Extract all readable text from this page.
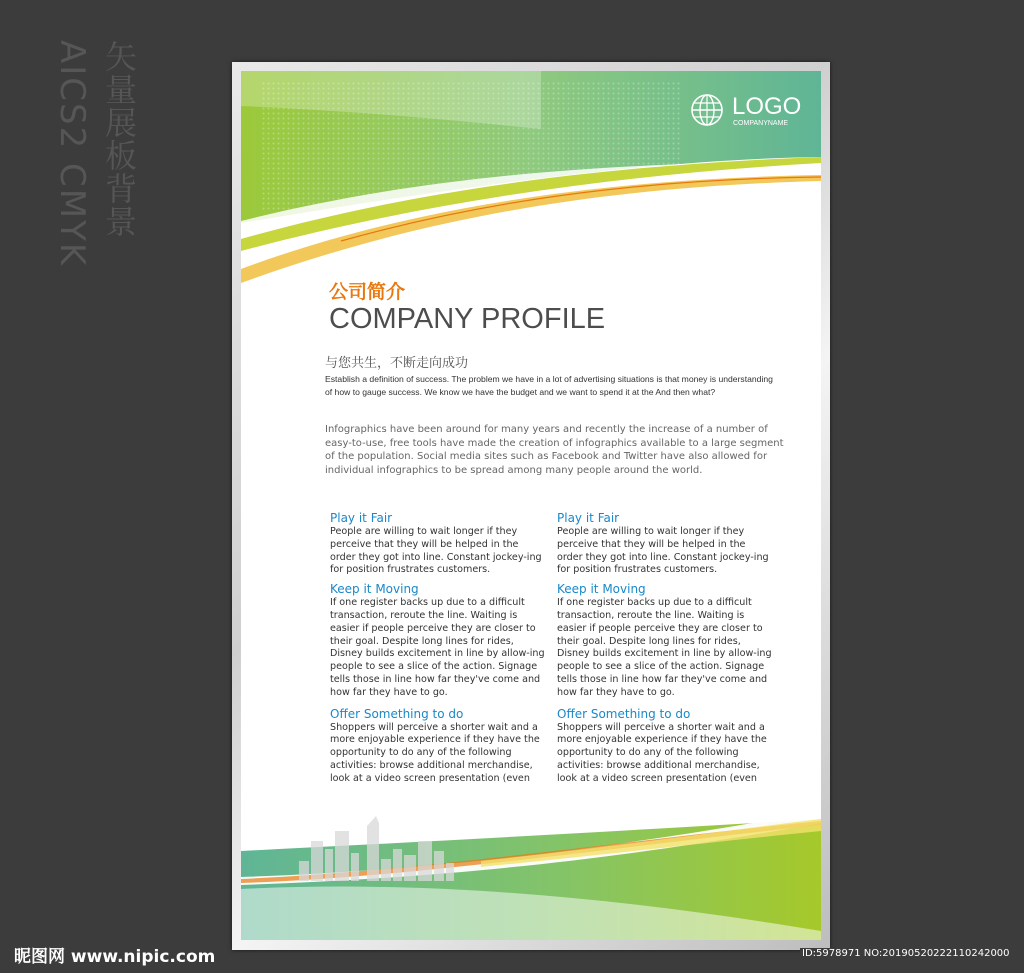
AICS2 CMYK 矢量展板背景	LOGO
COMPANYNAME
公司简介
COMPANY PROFILE
与您共生，不断走向成功
Establish a definition of success. The problem we have in a lot of advertising situations is that money is understanding of how to gauge success. We know we have the budget and we want to spend it at the And then what?
Infographics have been around for many years and recently the increase of a number of easy-to-use, free tools have made the creation of infographics available to a large segment of the population. Social media sites such as Facebook and Twitter have also allowed for individual infographics to be spread among many people around the world.
Play it Fair

People are willing to wait longer if they perceive that they will be helped in the order they got into line. Constant jockey-ing for position frustrates customers.

Keep it Moving

If one register backs up due to a difficult transaction, reroute the line. Waiting is easier if people perceive they are closer to their goal. Despite long lines for rides, Disney builds excitement in line by allow-ing people to see a slice of the action. Signage tells those in line how far they've come and how far they have to go.

Offer Something to do

Shoppers will perceive a shorter wait and a more enjoyable experience if they have the opportunity to do any of the following activities: browse additional merchandise, look at a video screen presentation (even

Play it Fair

People are willing to wait longer if they perceive that they will be helped in the order they got into line. Constant jockey-ing for position frustrates customers.

Keep it Moving

If one register backs up due to a difficult transaction, reroute the line. Waiting is easier if people perceive they are closer to their goal. Despite long lines for rides, Disney builds excitement in line by allow-ing people to see a slice of the action. Signage tells those in line how far they've come and how far they have to go.

Offer Something to do

Shoppers will perceive a shorter wait and a more enjoyable experience if they have the opportunity to do any of the following activities: browse additional merchandise, look at a video screen presentation (even

昵图网 www.nipic.com	ID:5978971 NO:20190520222110242000
